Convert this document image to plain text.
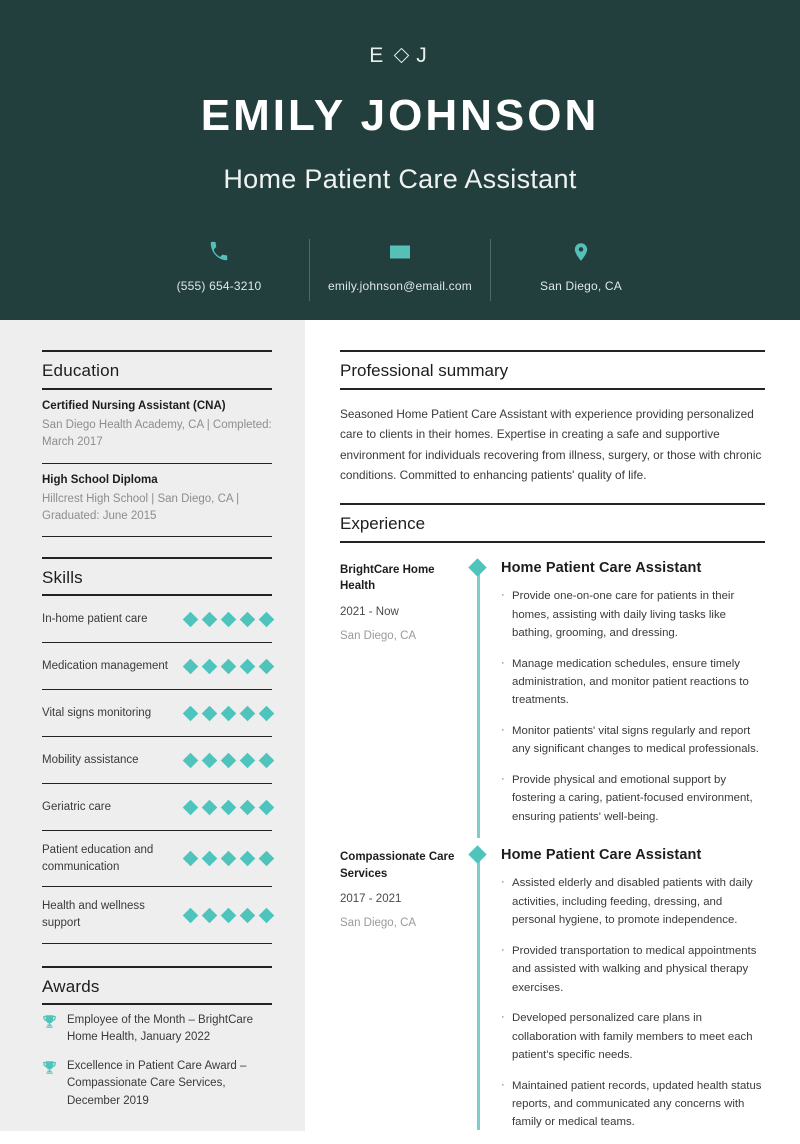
E J
EMILY JOHNSON
Home Patient Care Assistant
(555) 654-3210	emily.johnson@email.com	San Diego, CA
Education
Certified Nursing Assistant (CNA)
San Diego Health Academy, CA | Completed: March 2017
High School Diploma
Hillcrest High School | San Diego, CA | Graduated: June 2015
Skills
In-home patient care
Medication management
Vital signs monitoring
Mobility assistance
Geriatric care
Patient education and communication
Health and wellness support
Awards
Employee of the Month – BrightCare Home Health, January 2022
Excellence in Patient Care Award – Compassionate Care Services, December 2019
Professional summary
Seasoned Home Patient Care Assistant with experience providing personalized care to clients in their homes. Expertise in creating a safe and supportive environment for individuals recovering from illness, surgery, or those with chronic conditions. Committed to enhancing patients' quality of life.
Experience
BrightCare Home Health
2021 - Now
San Diego, CA
Home Patient Care Assistant
· Provide one-on-one care for patients in their homes, assisting with daily living tasks like bathing, grooming, and dressing.
· Manage medication schedules, ensure timely administration, and monitor patient reactions to treatments.
· Monitor patients' vital signs regularly and report any significant changes to medical professionals.
· Provide physical and emotional support by fostering a caring, patient-focused environment, ensuring patients' well-being.
Compassionate Care Services
2017 - 2021
San Diego, CA
Home Patient Care Assistant
· Assisted elderly and disabled patients with daily activities, including feeding, dressing, and personal hygiene, to promote independence.
· Provided transportation to medical appointments and assisted with walking and physical therapy exercises.
· Developed personalized care plans in collaboration with family members to meet each patient's specific needs.
· Maintained patient records, updated health status reports, and communicated any concerns with family or medical teams.
